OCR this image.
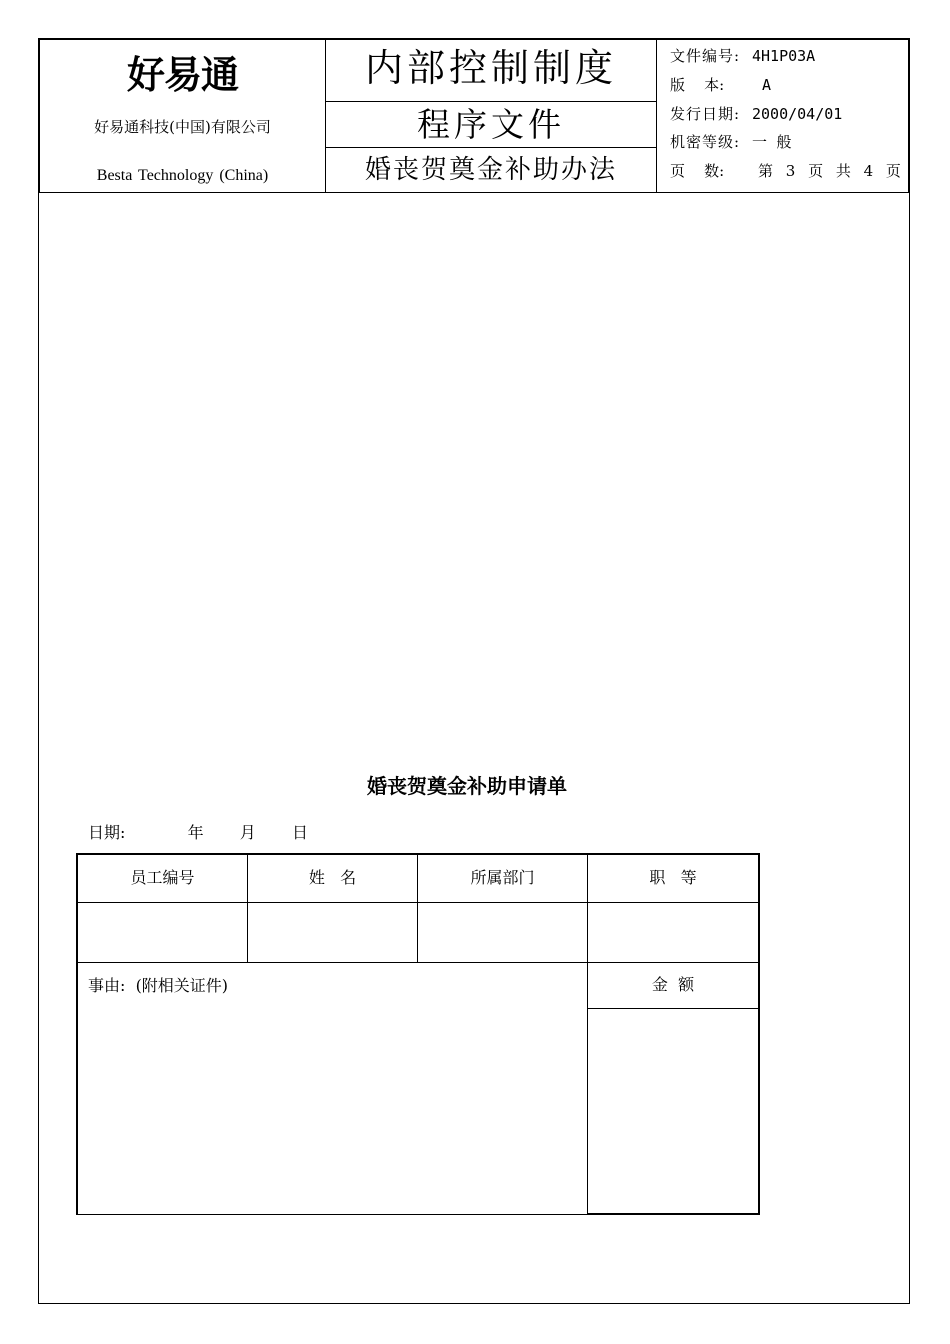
好易通
好易通科技(中国)有限公司
Besta Technology (China)
内部控制制度
程序文件
婚丧贺奠金补助办法
文件编号: 4H1P03A
版    本:	A
发行日期: 2000/04/01
机密等级: 一  般
页    数: 第 3 页 共 4 页
婚丧贺奠金补助申请单
日期:	年 月 日
员工编号	姓   名	所属部门	职   等
事由:  (附相关证件)	金  额
